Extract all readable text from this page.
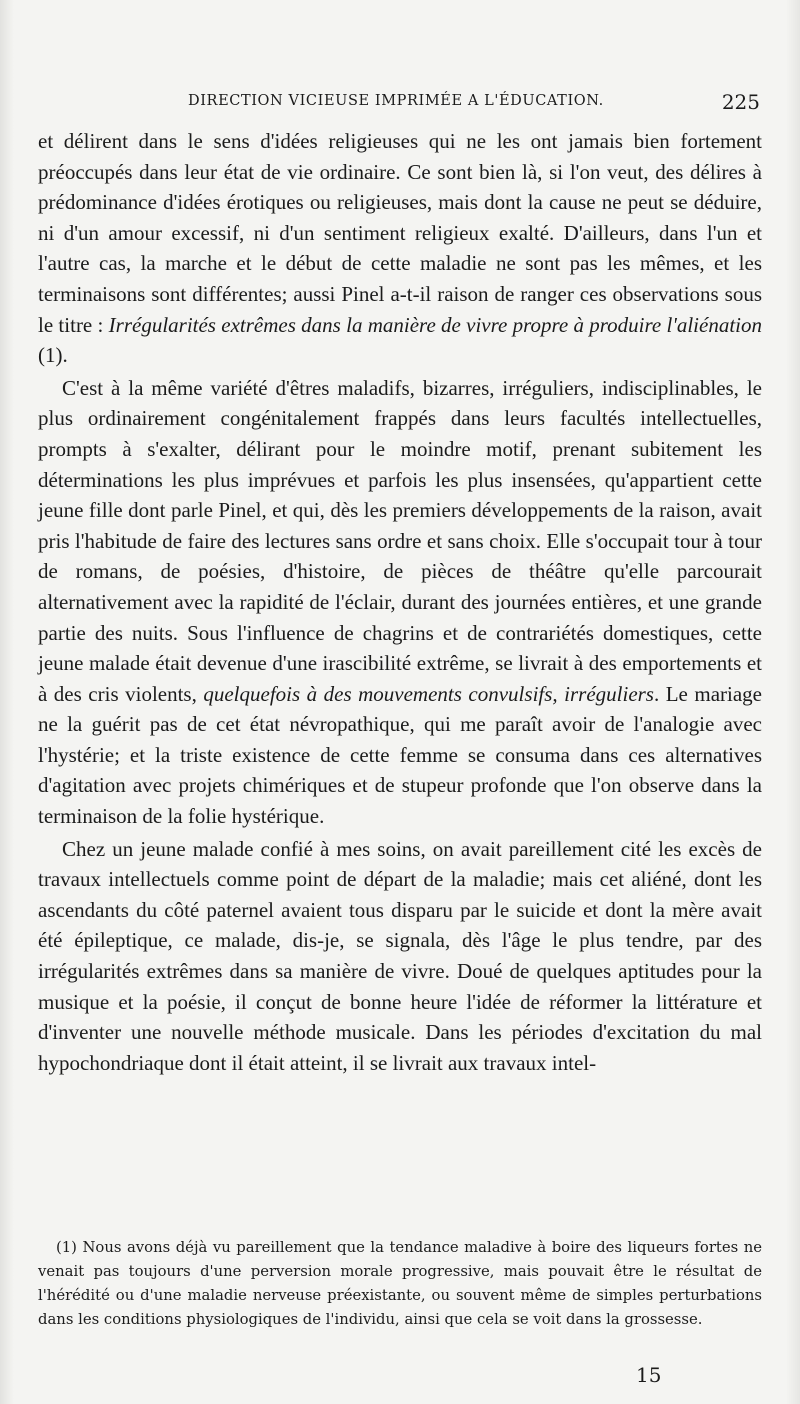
DIRECTION VICIEUSE IMPRIMÉE A L'ÉDUCATION.	225

et délirent dans le sens d'idées religieuses qui ne les ont jamais bien fortement préoccupés dans leur état de vie ordinaire. Ce sont bien là, si l'on veut, des délires à prédominance d'idées érotiques ou religieuses, mais dont la cause ne peut se déduire, ni d'un amour excessif, ni d'un sentiment religieux exalté. D'ailleurs, dans l'un et l'autre cas, la marche et le début de cette maladie ne sont pas les mêmes, et les terminaisons sont différentes; aussi Pinel a-t-il raison de ranger ces observations sous le titre : Irrégularités extrêmes dans la manière de vivre propre à produire l'aliénation (1).

C'est à la même variété d'êtres maladifs, bizarres, irréguliers, indisciplinables, le plus ordinairement congénitalement frappés dans leurs facultés intellectuelles, prompts à s'exalter, délirant pour le moindre motif, prenant subitement les déterminations les plus imprévues et parfois les plus insensées, qu'appartient cette jeune fille dont parle Pinel, et qui, dès les premiers développements de la raison, avait pris l'habitude de faire des lectures sans ordre et sans choix. Elle s'occupait tour à tour de romans, de poésies, d'histoire, de pièces de théâtre qu'elle parcourait alternativement avec la rapidité de l'éclair, durant des journées entières, et une grande partie des nuits. Sous l'influence de chagrins et de contrariétés domestiques, cette jeune malade était devenue d'une irascibilité extrême, se livrait à des emportements et à des cris violents, quelquefois à des mouvements convulsifs, irréguliers. Le mariage ne la guérit pas de cet état névropathique, qui me paraît avoir de l'analogie avec l'hystérie; et la triste existence de cette femme se consuma dans ces alternatives d'agitation avec projets chimériques et de stupeur profonde que l'on observe dans la terminaison de la folie hystérique.

Chez un jeune malade confié à mes soins, on avait pareillement cité les excès de travaux intellectuels comme point de départ de la maladie; mais cet aliéné, dont les ascendants du côté paternel avaient tous disparu par le suicide et dont la mère avait été épileptique, ce malade, dis-je, se signala, dès l'âge le plus tendre, par des irrégularités extrêmes dans sa manière de vivre. Doué de quelques aptitudes pour la musique et la poésie, il conçut de bonne heure l'idée de réformer la littérature et d'inventer une nouvelle méthode musicale. Dans les périodes d'excitation du mal hypochondriaque dont il était atteint, il se livrait aux travaux intel-

(1) Nous avons déjà vu pareillement que la tendance maladive à boire des liqueurs fortes ne venait pas toujours d'une perversion morale progressive, mais pouvait être le résultat de l'hérédité ou d'une maladie nerveuse préexistante, ou souvent même de simples perturbations dans les conditions physiologiques de l'individu, ainsi que cela se voit dans la grossesse.

15
